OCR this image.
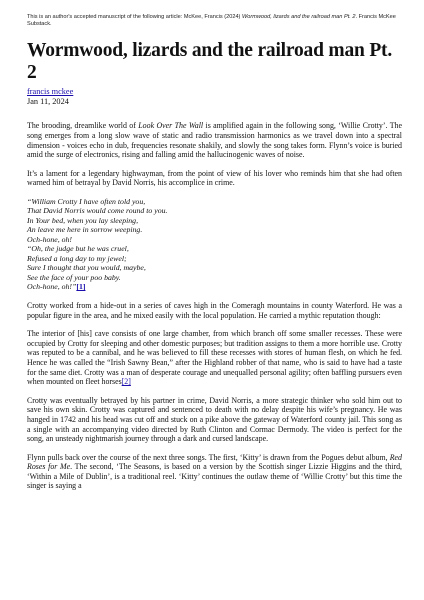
This is an author's accepted manuscript of the following article: McKee, Francis (2024) Wormwood, lizards and the railroad man Pt. 2. Francis McKee Substack.
Wormwood, lizards and the railroad man Pt. 2
francis mckee
Jan 11, 2024

The brooding, dreamlike world of Look Over The Wall is amplified again in the following song, ‘Willie Crotty’. The song emerges from a long slow wave of static and radio transmission harmonics as we travel down into a spectral dimension - voices echo in dub, frequencies resonate shakily, and slowly the song takes form. Flynn’s voice is buried amid the surge of electronics, rising and falling amid the hallucinogenic waves of noise.

It’s a lament for a legendary highwayman, from the point of view of his lover who reminds him that she had often warned him of betrayal by David Norris, his accomplice in crime.

“William Crotty I have often told you,
That David Norris would come round to you.
In Your bed, when you lay sleeping,
An leave me here in sorrow weeping.
Och-hone, oh!
“Oh, the judge but he was cruel,
Refused a long day to my jewel;
Sure I thought that you would, maybe,
See the face of your poo baby.
Och-hone, oh!”[1]

Crotty worked from a hide-out in a series of caves high in the Comeragh mountains in county Waterford. He was a popular figure in the area, and he mixed easily with the local population. He carried a mythic reputation though:

The interior of [his] cave consists of one large chamber, from which branch off some smaller recesses. These were occupied by Crotty for sleeping and other domestic purposes; but tradition assigns to them a more horrible use. Crotty was reputed to be a cannibal, and he was believed to fill these recesses with stores of human flesh, on which he fed. Hence he was called the “Irish Sawny Bean,” after the Highland robber of that name, who is said to have had a taste for the same diet. Crotty was a man of desperate courage and unequalled personal agility; often baffling pursuers even when mounted on fleet horses[2]

Crotty was eventually betrayed by his partner in crime, David Norris, a more strategic thinker who sold him out to save his own skin. Crotty was captured and sentenced to death with no delay despite his wife’s pregnancy. He was hanged in 1742 and his head was cut off and stuck on a pike above the gateway of Waterford county jail. This song as a single with an accompanying video directed by Ruth Clinton and Cormac Dermody. The video is perfect for the song, an unsteady nightmarish journey through a dark and cursed landscape.

Flynn pulls back over the course of the next three songs. The first, ‘Kitty’ is drawn from the Pogues debut album, Red Roses for Me. The second, ‘The Seasons, is based on a version by the Scottish singer Lizzie Higgins and the third, ‘Within a Mile of Dublin’, is a traditional reel. ‘Kitty’ continues the outlaw theme of ‘Willie Crotty’ but this time the singer is saying a
